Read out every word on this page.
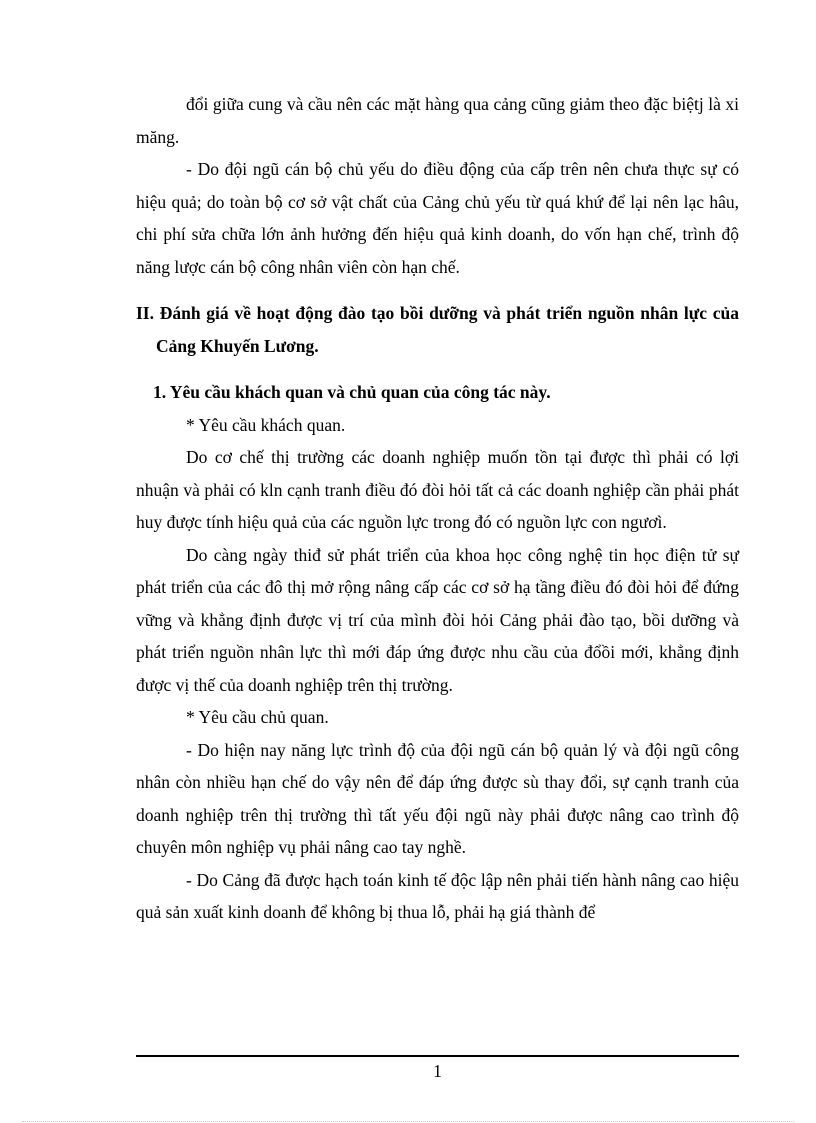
đổi giữa cung và cầu nên các mặt hàng qua cảng cũng giảm theo đặc biệtj là xi măng.

- Do đội ngũ cán bộ chủ yếu do điều động của cấp trên nên chưa thực sự có hiệu quả; do toàn bộ cơ sở vật chất của Cảng chủ yếu từ quá khứ để lại nên lạc hâu, chi phí sửa chữa lớn ảnh hưởng đến hiệu quả kinh doanh, do vốn hạn chế, trình độ năng lược cán bộ công nhân viên còn hạn chế.

II. Đánh giá về hoạt động đào tạo bồi dưỡng và phát triển nguồn nhân lực của Cảng Khuyến Lương.
1. Yêu cầu khách quan và chủ quan của công tác này.

* Yêu cầu khách quan.

Do cơ chế thị trường các doanh nghiệp muốn tồn tại được thì phải có lợi nhuận và phải có kln cạnh tranh điều đó đòi hỏi tất cả các doanh nghiệp cần phải phát huy được tính hiệu quả của các nguồn lực trong đó có nguồn lực con ngươì.

Do càng ngày thiđ sử phát triển của khoa học công nghệ tin học điện tử sự phát triển của các đô thị mở rộng nâng cấp các cơ sở hạ tầng điều đó đòi hỏi để đứng vững và khẳng định được vị trí của mình đòi hỏi Cảng phải đào tạo, bồi dưỡng và phát triển nguồn nhân lực thì mới đáp ứng được nhu cầu của đổồi mới, khẳng định được vị thế của doanh nghiệp trên thị trường.

* Yêu cầu chủ quan.

- Do hiện nay năng lực trình độ của đội ngũ cán bộ quản lý và đội ngũ công nhân còn nhiều hạn chế do vậy nên để đáp ứng được sù thay đổi, sự cạnh tranh của doanh nghiệp trên thị trường thì tất yếu đội ngũ này phải được nâng cao trình độ chuyên môn nghiệp vụ phải nâng cao tay nghề.

- Do Cảng đã được hạch toán kinh tế độc lập nên phải tiến hành nâng cao hiệu quả sản xuất kinh doanh để không bị thua lỗ, phải hạ giá thành để

1
